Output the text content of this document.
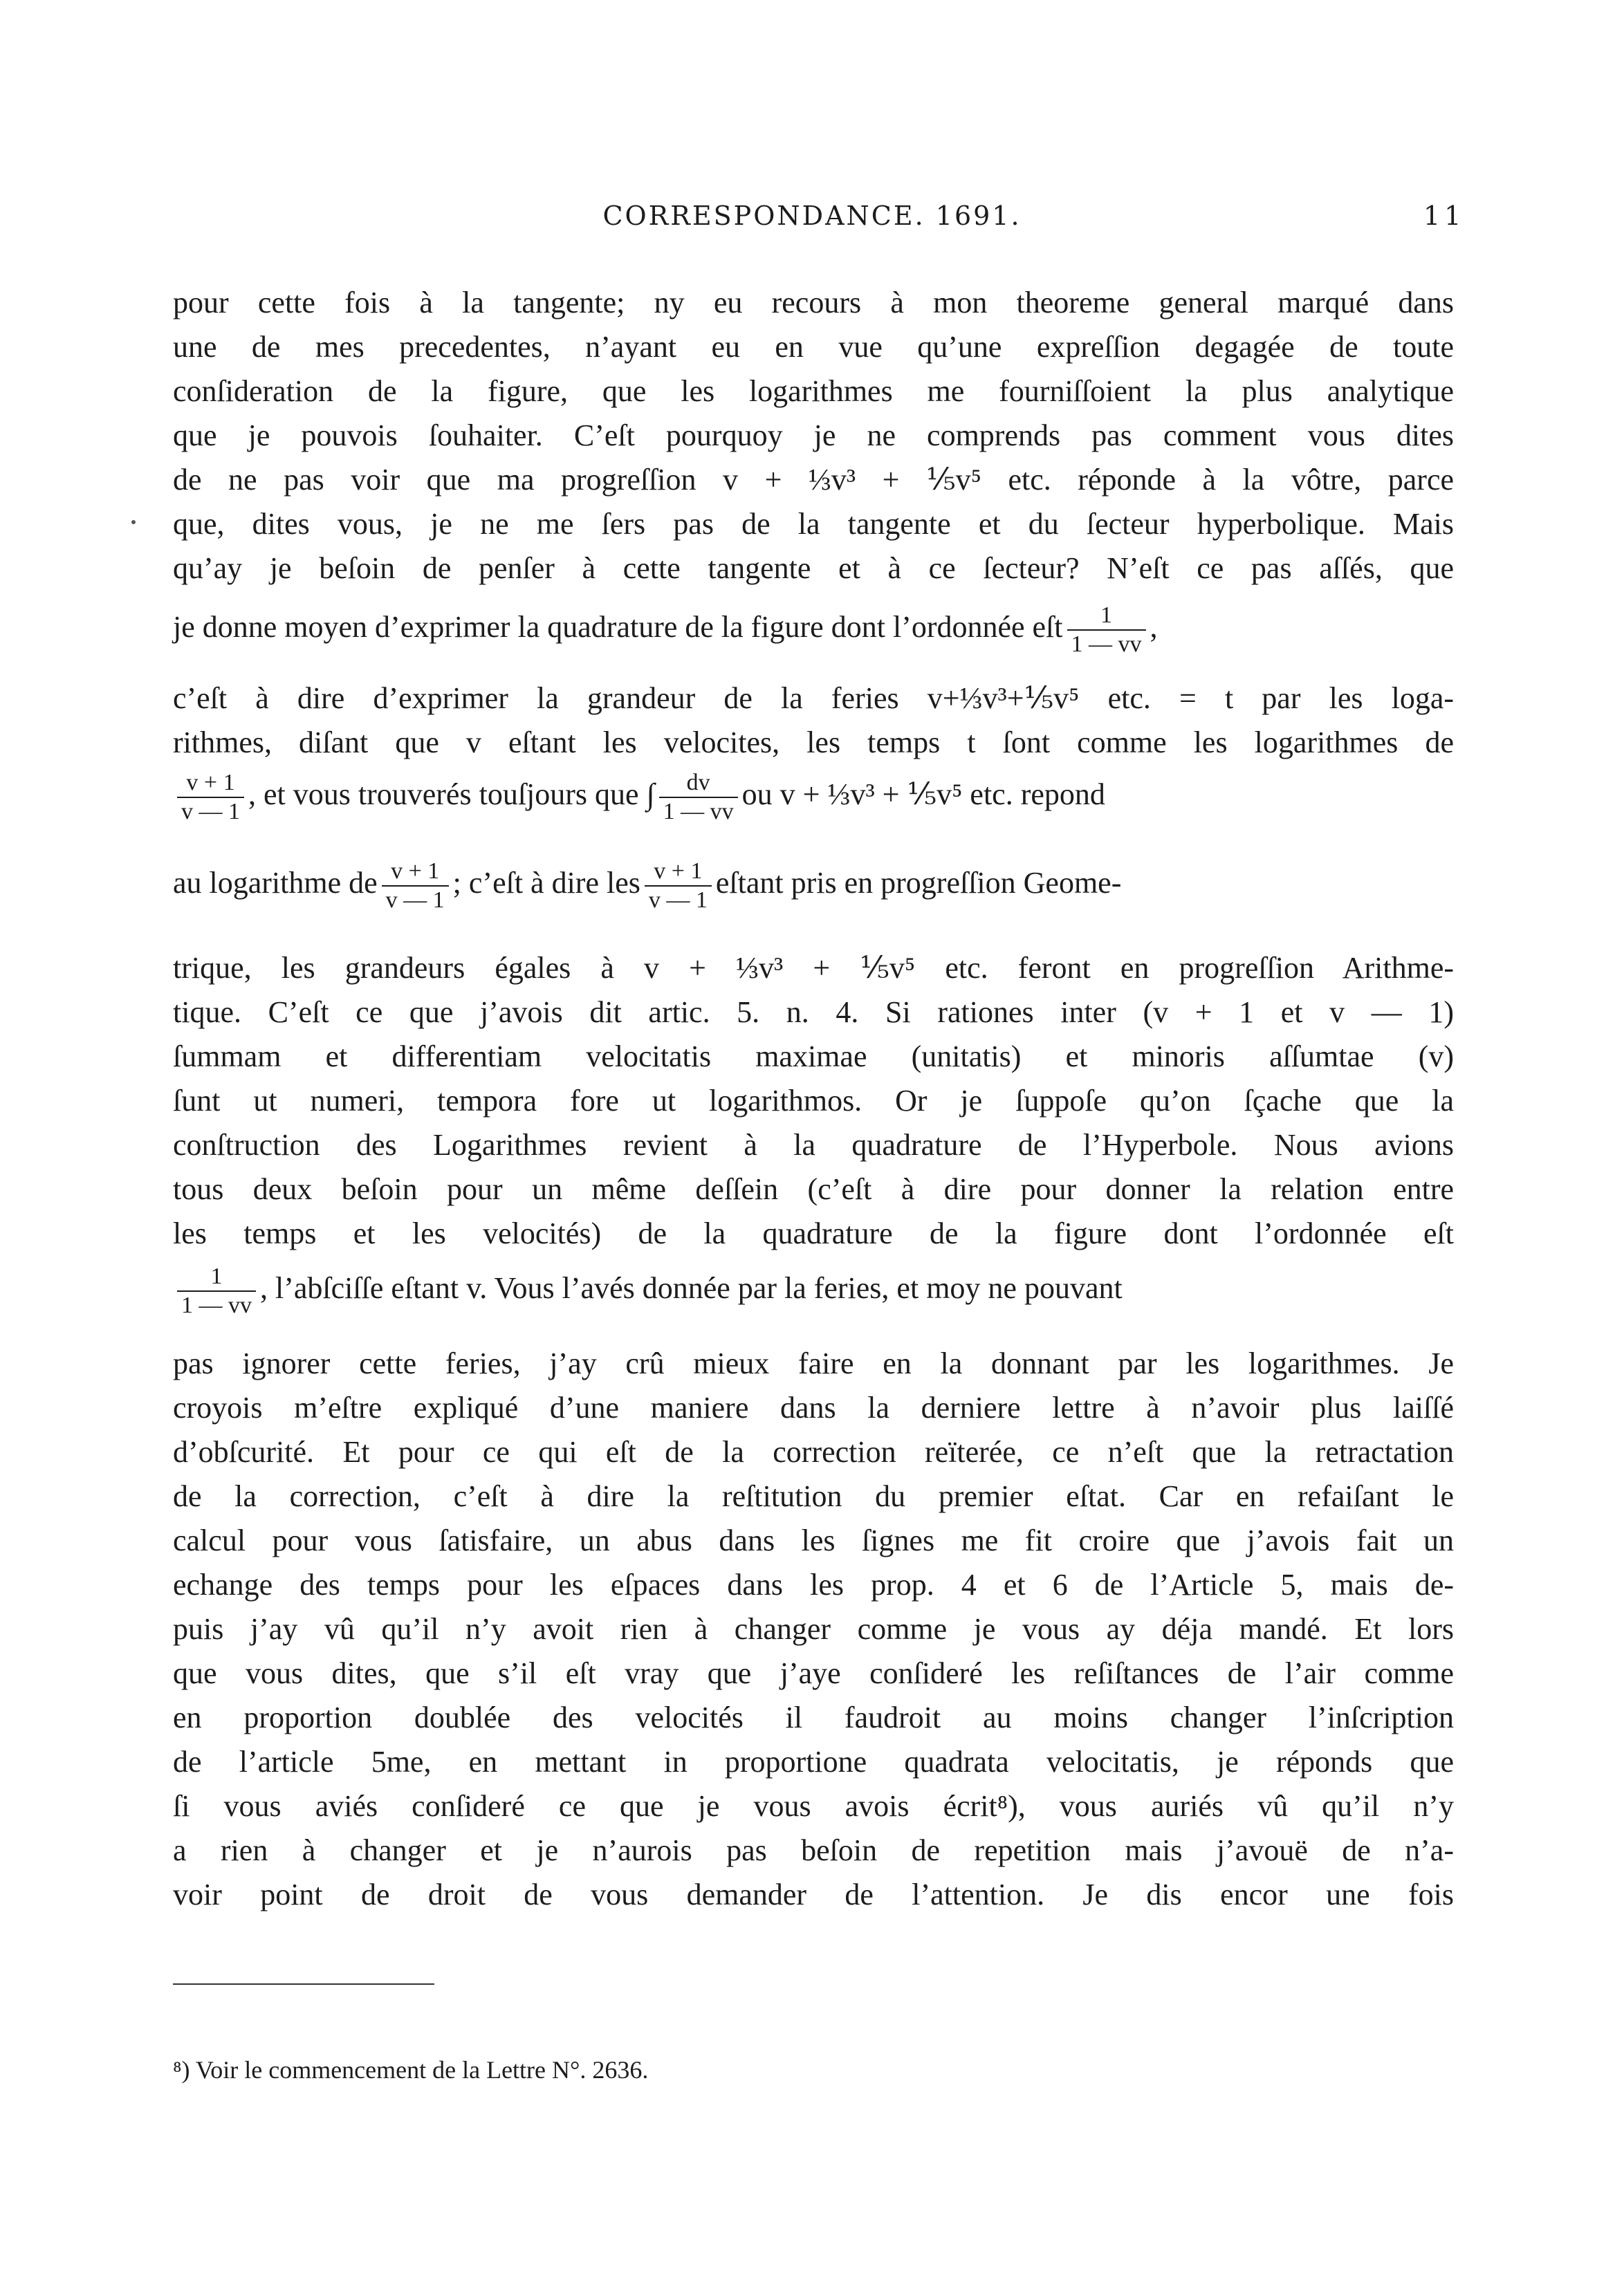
CORRESPONDANCE. 1691.	11
pour cette fois à la tangente; ny eu recours à mon theoreme general marqué dans
une de mes precedentes, n’ayant eu en vue qu’une expreſſion degagée de toute
conſideration de la figure, que les logarithmes me fourniſſoient la plus analytique
que je pouvois ſouhaiter. C’eſt pourquoy je ne comprends pas comment vous dites
de ne pas voir que ma progreſſion v + ⅓v³ + ⅕v⁵ etc. réponde à la vôtre, parce
que, dites vous, je ne me ſers pas de la tangente et du ſecteur hyperbolique. Mais
qu’ay je beſoin de penſer à cette tangente et à ce ſecteur? N’eſt ce pas aſſés, que
je donne moyen d’exprimer la quadrature de la figure dont l’ordonnée eſt $\frac{1}{1 — vv}$ ,
c’eſt à dire d’exprimer la grandeur de la feries v+⅓v³+⅕v⁵ etc. = t par les loga-
rithmes, diſant que v eſtant les velocites, les temps t ſont comme les logarithmes de
$\frac{v + 1}{v — 1}$ , et vous trouverés touſjours que ∫ $\frac{dv}{1 — vv}$ ou v + ⅓v³ + ⅕v⁵ etc. repond
au logarithme de $\frac{v + 1}{v — 1}$ ; c’eſt à dire les $\frac{v + 1}{v — 1}$ eſtant pris en progreſſion Geome-
trique, les grandeurs égales à v + ⅓v³ + ⅕v⁵ etc. feront en progreſſion Arithme-
tique. C’eſt ce que j’avois dit artic. 5. n. 4. Si rationes inter (v + 1 et v — 1)
ſummam et differentiam velocitatis maximae (unitatis) et minoris aſſumtae (v)
ſunt ut numeri, tempora fore ut logarithmos. Or je ſuppoſe qu’on ſçache que la
conſtruction des Logarithmes revient à la quadrature de l’Hyperbole. Nous avions
tous deux beſoin pour un même deſſein (c’eſt à dire pour donner la relation entre
les temps et les velocités) de la quadrature de la figure dont l’ordonnée eſt
$\frac{1}{1 — vv}$ , l’abſciſſe eſtant v. Vous l’avés donnée par la feries, et moy ne pouvant
pas ignorer cette feries, j’ay crû mieux faire en la donnant par les logarithmes. Je
croyois m’eſtre expliqué d’une maniere dans la derniere lettre à n’avoir plus laiſſé
d’obſcurité. Et pour ce qui eſt de la correction reïterée, ce n’eſt que la retractation
de la correction, c’eſt à dire la reſtitution du premier eſtat. Car en refaiſant le
calcul pour vous ſatisfaire, un abus dans les ſignes me fit croire que j’avois fait un
echange des temps pour les eſpaces dans les prop. 4 et 6 de l’Article 5, mais de-
puis j’ay vû qu’il n’y avoit rien à changer comme je vous ay déja mandé. Et lors
que vous dites, que s’il eſt vray que j’aye conſideré les reſiſtances de l’air comme
en proportion doublée des velocités il faudroit au moins changer l’inſcription
de l’article 5me, en mettant in proportione quadrata velocitatis, je réponds que
ſi vous aviés conſideré ce que je vous avois écrit⁸), vous auriés vû qu’il n’y
a rien à changer et je n’aurois pas beſoin de repetition mais j’avouë de n’a-
voir point de droit de vous demander de l’attention. Je dis encor une fois
⁸) Voir le commencement de la Lettre N°. 2636.
